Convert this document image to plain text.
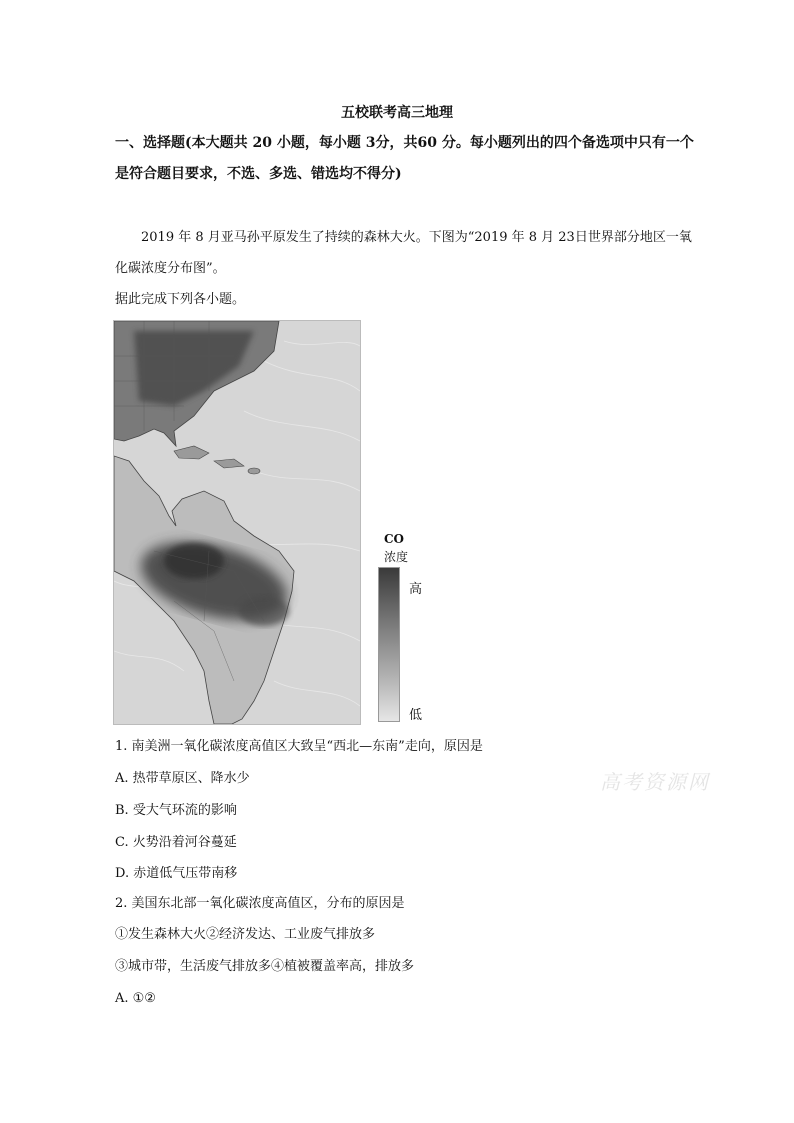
五校联考高三地理
一、选择题(本大题共 20 小题，每小题 3分，共60 分。每小题列出的四个备选项中只有一个
是符合题目要求，不选、多选、错选均不得分)
2019 年 8 月亚马孙平原发生了持续的森林大火。下图为“2019 年 8 月 23日世界部分地区一氧化碳浓度分布图”。
据此完成下列各小题。
CO
浓度
高
低
1. 南美洲一氧化碳浓度高值区大致呈“西北—东南”走向，原因是
A. 热带草原区、降水少
B. 受大气环流的影响
C. 火势沿着河谷蔓延
D. 赤道低气压带南移
2. 美国东北部一氧化碳浓度高值区，分布的原因是
①发生森林大火②经济发达、工业废气排放多
③城市带，生活废气排放多④植被覆盖率高，排放多
A. ①②
高考资源网
